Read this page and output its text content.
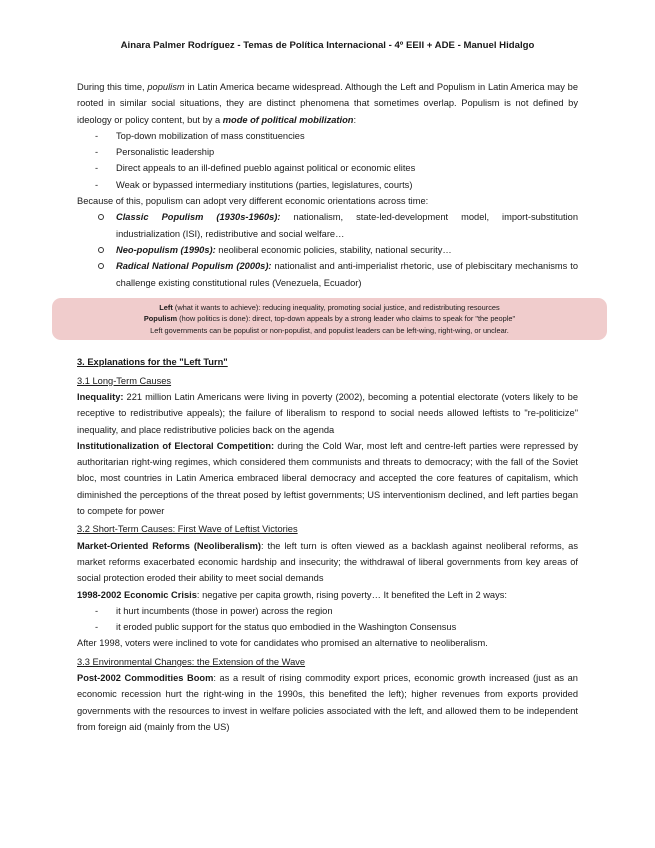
Ainara Palmer Rodríguez - Temas de Política Internacional - 4º EEII + ADE - Manuel Hidalgo

During this time, populism in Latin America became widespread. Although the Left and Populism in Latin America may be rooted in similar social situations, they are distinct phenomena that sometimes overlap. Populism is not defined by ideology or policy content, but by a mode of political mobilization:

- Top-down mobilization of mass constituencies
- Personalistic leadership
- Direct appeals to an ill-defined pueblo against political or economic elites
- Weak or bypassed intermediary institutions (parties, legislatures, courts)

Because of this, populism can adopt very different economic orientations across time:

Classic Populism (1930s-1960s): nationalism, state-led-development model, import-substitution industrialization (ISI), redistributive and social welfare…
Neo-populism (1990s): neoliberal economic policies, stability, national security…
Radical National Populism (2000s): nationalist and anti-imperialist rhetoric, use of plebiscitary mechanisms to challenge existing constitutional rules (Venezuela, Ecuador)
Left (what it wants to achieve): reducing inequality, promoting social justice, and redistributing resources
Populism (how politics is done): direct, top-down appeals by a strong leader who claims to speak for "the people"
Left governments can be populist or non-populist, and populist leaders can be left-wing, right-wing, or unclear.

3. Explanations for the "Left Turn"

3.1 Long-Term Causes

Inequality: 221 million Latin Americans were living in poverty (2002), becoming a potential electorate (voters likely to be receptive to redistributive appeals); the failure of liberalism to respond to social needs allowed leftists to "re-politicize" inequality, and place redistributive policies back on the agenda

Institutionalization of Electoral Competition: during the Cold War, most left and centre-left parties were repressed by authoritarian right-wing regimes, which considered them communists and threats to democracy; with the fall of the Soviet bloc, most countries in Latin America embraced liberal democracy and accepted the core features of capitalism, which diminished the perceptions of the threat posed by leftist governments; US interventionism declined, and left parties began to compete for power

3.2 Short-Term Causes: First Wave of Leftist Victories

Market-Oriented Reforms (Neoliberalism): the left turn is often viewed as a backlash against neoliberal reforms, as market reforms exacerbated economic hardship and insecurity; the withdrawal of liberal governments from key areas of social protection eroded their ability to meet social demands

1998-2002 Economic Crisis: negative per capita growth, rising poverty… It benefited the Left in 2 ways:

- it hurt incumbents (those in power) across the region
- it eroded public support for the status quo embodied in the Washington Consensus

After 1998, voters were inclined to vote for candidates who promised an alternative to neoliberalism.

3.3 Environmental Changes: the Extension of the Wave

Post-2002 Commodities Boom: as a result of rising commodity export prices, economic growth increased (just as an economic recession hurt the right-wing in the 1990s, this benefited the left); higher revenues from exports provided governments with the resources to invest in welfare policies associated with the left, and allowed them to be independent from foreign aid (mainly from the US)
